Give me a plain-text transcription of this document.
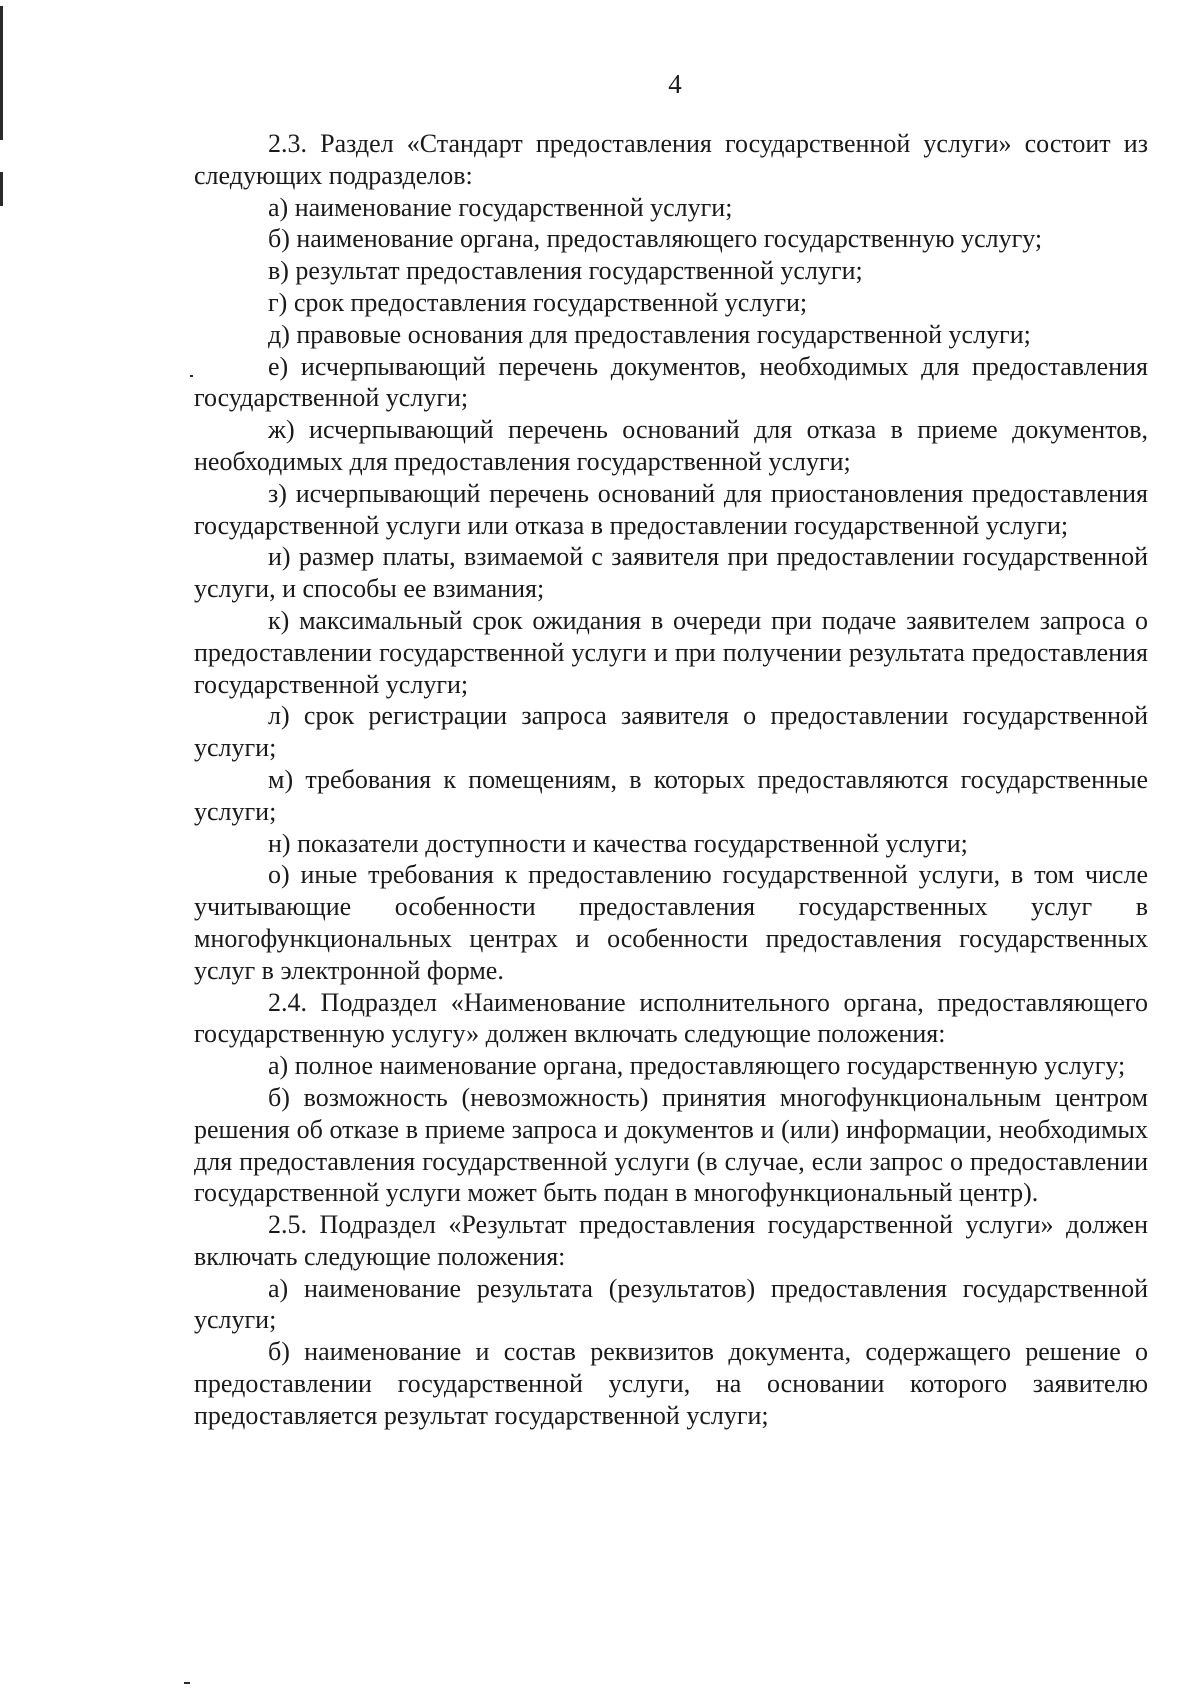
4

2.3. Раздел «Стандарт предоставления государственной услуги» состоит из следующих подразделов:

а) наименование государственной услуги;

б) наименование органа, предоставляющего государственную услугу;

в) результат предоставления государственной услуги;

г) срок предоставления государственной услуги;

д) правовые основания для предоставления государственной услуги;

е) исчерпывающий перечень документов, необходимых для предоставления государственной услуги;

ж) исчерпывающий перечень оснований для отказа в приеме документов, необходимых для предоставления государственной услуги;

з) исчерпывающий перечень оснований для приостановления предоставления государственной услуги или отказа в предоставлении государственной услуги;

и) размер платы, взимаемой с заявителя при предоставлении государственной услуги, и способы ее взимания;

к) максимальный срок ожидания в очереди при подаче заявителем запроса о предоставлении государственной услуги и при получении результата предоставления государственной услуги;

л) срок регистрации запроса заявителя о предоставлении государственной услуги;

м) требования к помещениям, в которых предоставляются государственные услуги;

н) показатели доступности и качества государственной услуги;

о) иные требования к предоставлению государственной услуги, в том числе учитывающие особенности предоставления государственных услуг в многофункциональных центрах и особенности предоставления государственных услуг в электронной форме.

2.4. Подраздел «Наименование исполнительного органа, предоставляющего государственную услугу» должен включать следующие положения:

а) полное наименование органа, предоставляющего государственную услугу;

б) возможность (невозможность) принятия многофункциональным центром решения об отказе в приеме запроса и документов и (или) информации, необходимых для предоставления государственной услуги (в случае, если запрос о предоставлении государственной услуги может быть подан в многофункциональный центр).

2.5. Подраздел «Результат предоставления государственной услуги» должен включать следующие положения:

а) наименование результата (результатов) предоставления государственной услуги;

б) наименование и состав реквизитов документа, содержащего решение о предоставлении государственной услуги, на основании которого заявителю предоставляется результат государственной услуги;
